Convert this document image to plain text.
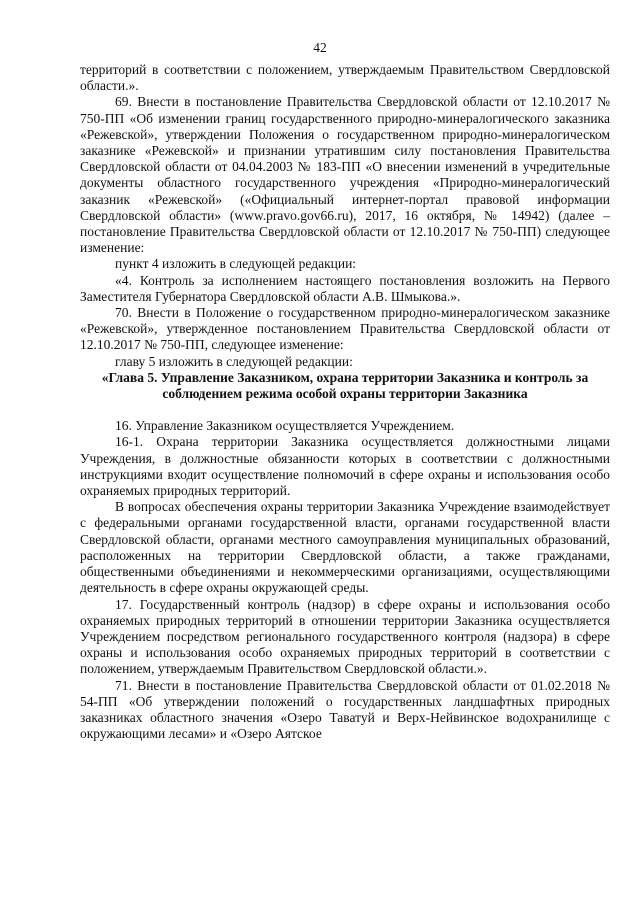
42

территорий в соответствии с положением, утверждаемым Правительством Свердловской области.».

69. Внести в постановление Правительства Свердловской области от 12.10.2017 № 750-ПП «Об изменении границ государственного природно-минералогического заказника «Режевской», утверждении Положения о государственном природно-минералогическом заказнике «Режевской» и признании утратившим силу постановления Правительства Свердловской области от 04.04.2003 № 183-ПП «О внесении изменений в учредительные документы областного государственного учреждения «Природно-минералогический заказник «Режевской» («Официальный интернет-портал правовой информации Свердловской области» (www.pravo.gov66.ru), 2017, 16 октября, № 14942) (далее – постановление Правительства Свердловской области от 12.10.2017 № 750-ПП) следующее изменение:

пункт 4 изложить в следующей редакции:

«4. Контроль за исполнением настоящего постановления возложить на Первого Заместителя Губернатора Свердловской области А.В. Шмыкова.».

70. Внести в Положение о государственном природно-минералогическом заказнике «Режевской», утвержденное постановлением Правительства Свердловской области от 12.10.2017 № 750-ПП, следующее изменение:

главу 5 изложить в следующей редакции:

«Глава 5. Управление Заказником, охрана территории Заказника и контроль за соблюдением режима особой охраны территории Заказника

16. Управление Заказником осуществляется Учреждением.

16-1. Охрана территории Заказника осуществляется должностными лицами Учреждения, в должностные обязанности которых в соответствии с должностными инструкциями входит осуществление полномочий в сфере охраны и использования особо охраняемых природных территорий.

В вопросах обеспечения охраны территории Заказника Учреждение взаимодействует с федеральными органами государственной власти, органами государственной власти Свердловской области, органами местного самоуправления муниципальных образований, расположенных на территории Свердловской области, а также гражданами, общественными объединениями и некоммерческими организациями, осуществляющими деятельность в сфере охраны окружающей среды.

17. Государственный контроль (надзор) в сфере охраны и использования особо охраняемых природных территорий в отношении территории Заказника осуществляется Учреждением посредством регионального государственного контроля (надзора) в сфере охраны и использования особо охраняемых природных территорий в соответствии с положением, утверждаемым Правительством Свердловской области.».

71. Внести в постановление Правительства Свердловской области от 01.02.2018 № 54-ПП «Об утверждении положений о государственных ландшафтных природных заказниках областного значения «Озеро Таватуй и Верх-Нейвинское водохранилище с окружающими лесами» и «Озеро Аятское
